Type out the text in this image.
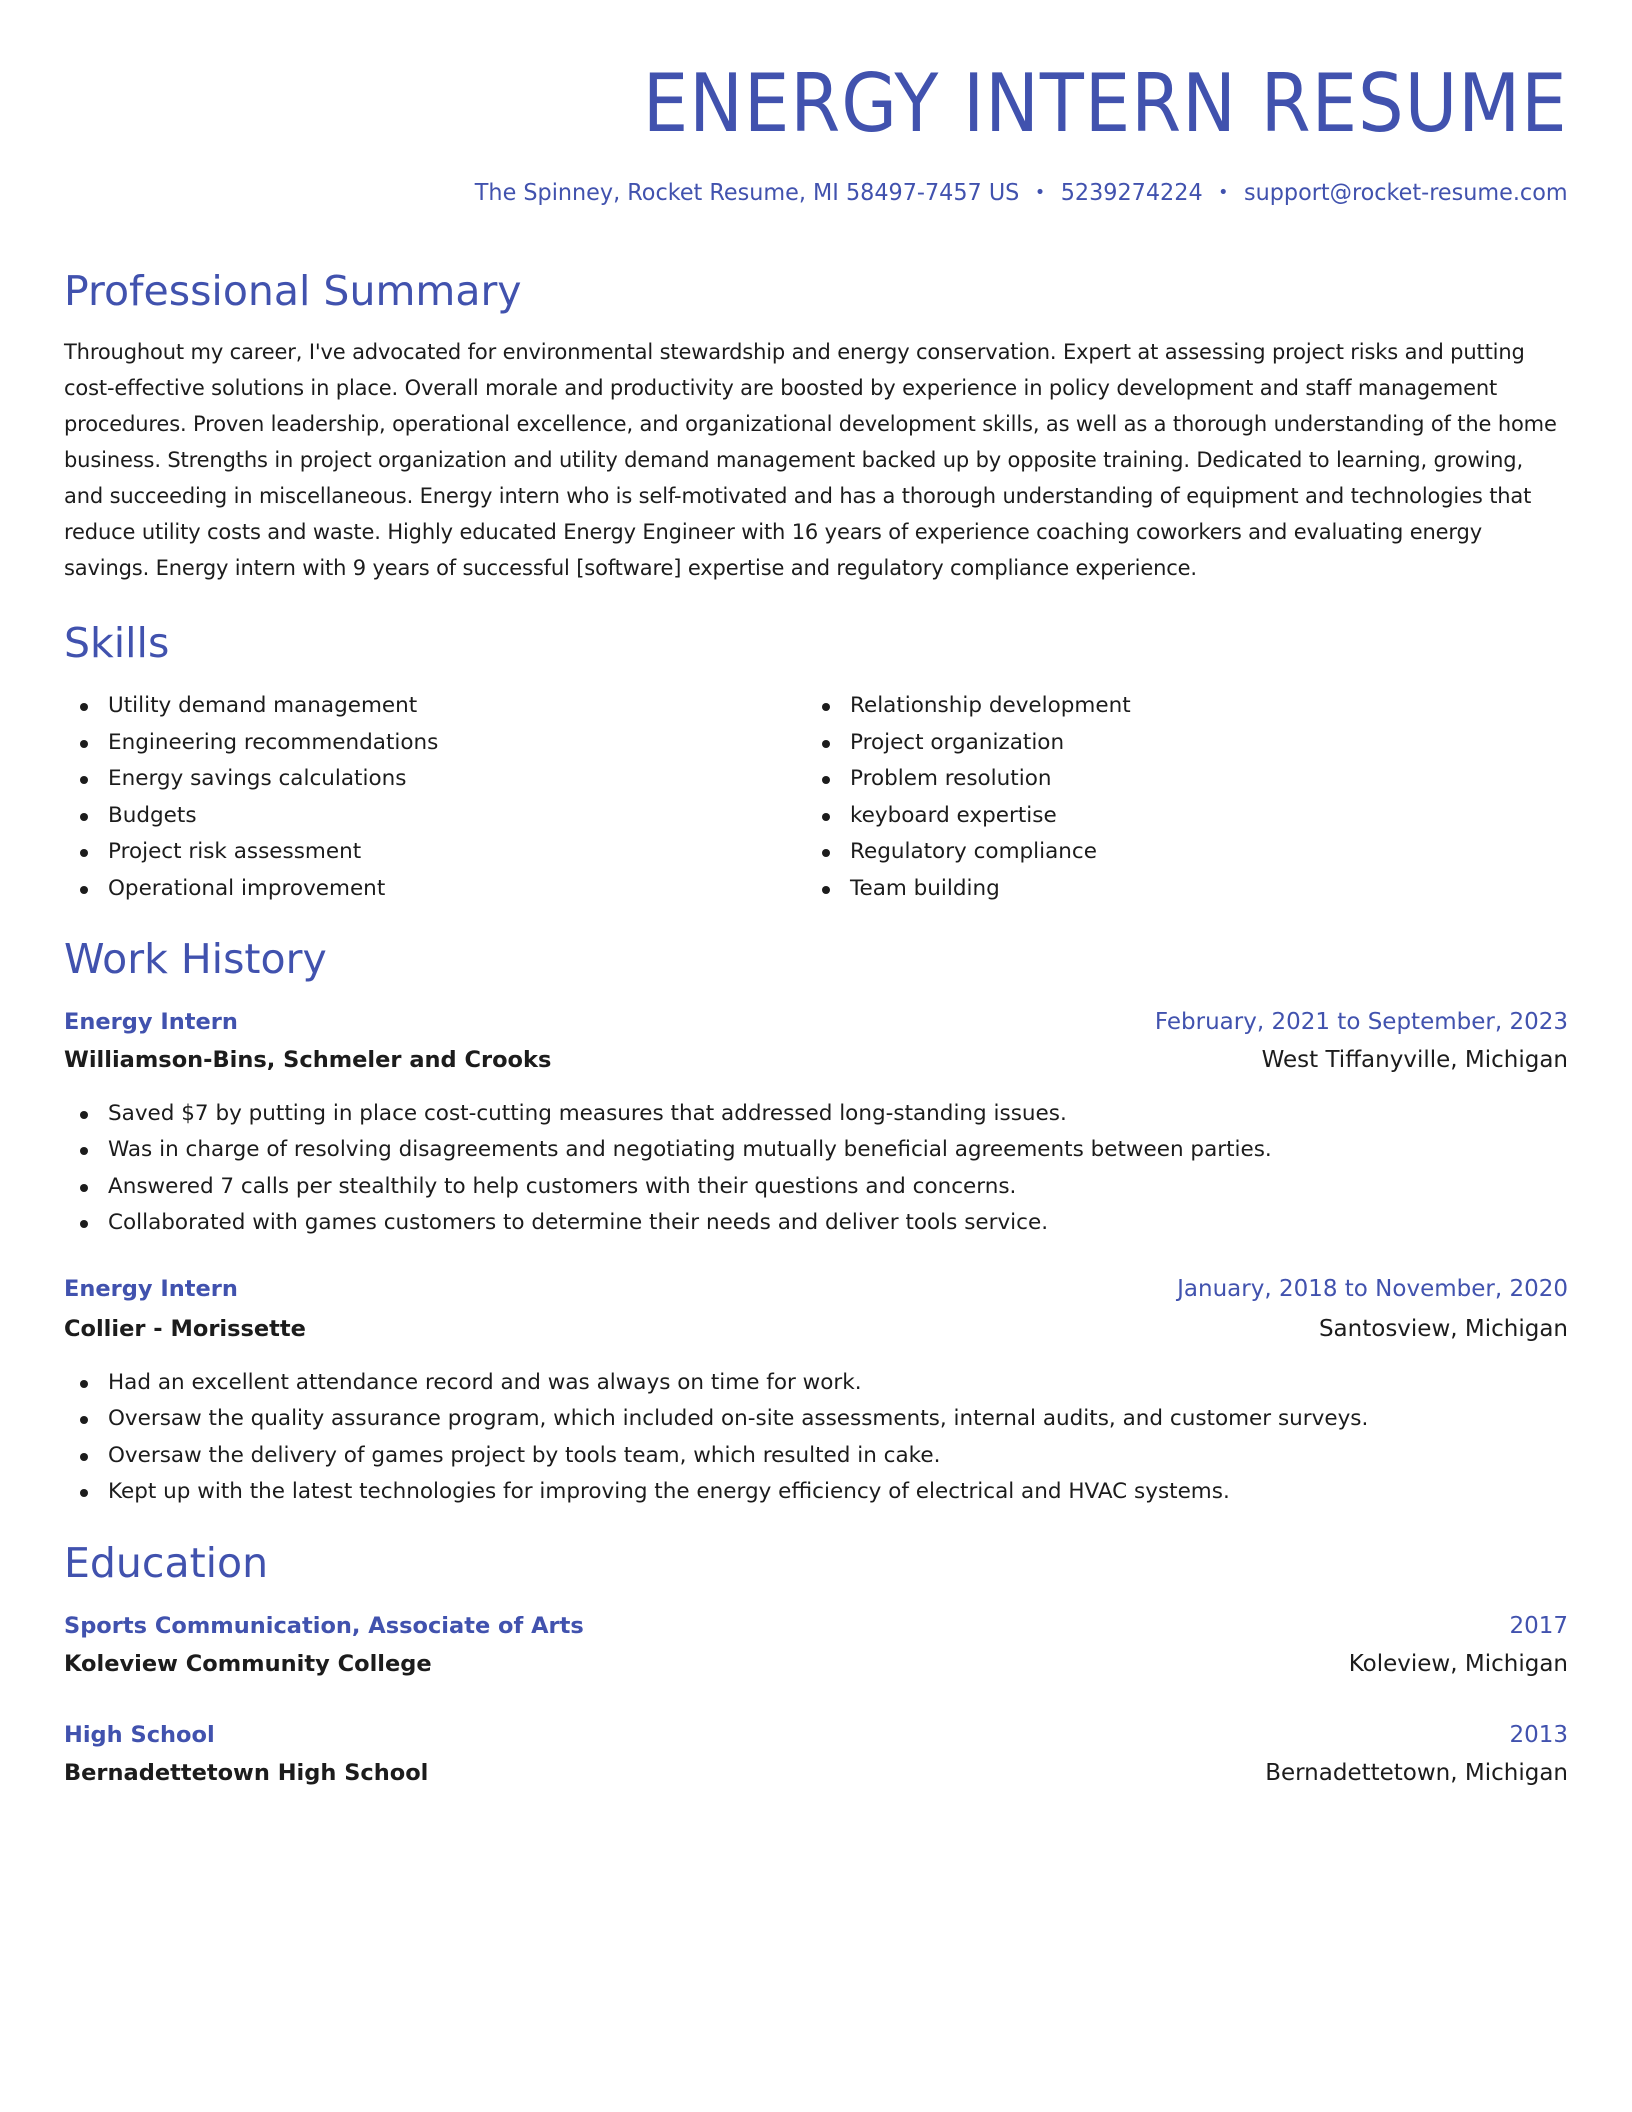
ENERGY INTERN RESUME
The Spinney, Rocket Resume, MI 58497-7457 US • 5239274224 • support@rocket-resume.com
Professional Summary

Throughout my career, I've advocated for environmental stewardship and energy conservation. Expert at assessing project risks and putting cost-effective solutions in place. Overall morale and productivity are boosted by experience in policy development and staff management procedures. Proven leadership, operational excellence, and organizational development skills, as well as a thorough understanding of the home business. Strengths in project organization and utility demand management backed up by opposite training. Dedicated to learning, growing, and succeeding in miscellaneous. Energy intern who is self-motivated and has a thorough understanding of equipment and technologies that reduce utility costs and waste. Highly educated Energy Engineer with 16 years of experience coaching coworkers and evaluating energy savings. Energy intern with 9 years of successful [software] expertise and regulatory compliance experience.

Skills
Utility demand management
Engineering recommendations
Energy savings calculations
Budgets
Project risk assessment
Operational improvement
Relationship development
Project organization
Problem resolution
keyboard expertise
Regulatory compliance
Team building
Work History
Energy Intern	February, 2021 to September, 2023
Williamson-Bins, Schmeler and Crooks	West Tiffanyville, Michigan
Saved $7 by putting in place cost-cutting measures that addressed long-standing issues.
Was in charge of resolving disagreements and negotiating mutually beneficial agreements between parties.
Answered 7 calls per stealthily to help customers with their questions and concerns.
Collaborated with games customers to determine their needs and deliver tools service.
Energy Intern	January, 2018 to November, 2020
Collier - Morissette	Santosview, Michigan
Had an excellent attendance record and was always on time for work.
Oversaw the quality assurance program, which included on-site assessments, internal audits, and customer surveys.
Oversaw the delivery of games project by tools team, which resulted in cake.
Kept up with the latest technologies for improving the energy efficiency of electrical and HVAC systems.
Education
Sports Communication, Associate of Arts	2017
Koleview Community College	Koleview, Michigan
High School	2013
Bernadettetown High School	Bernadettetown, Michigan
